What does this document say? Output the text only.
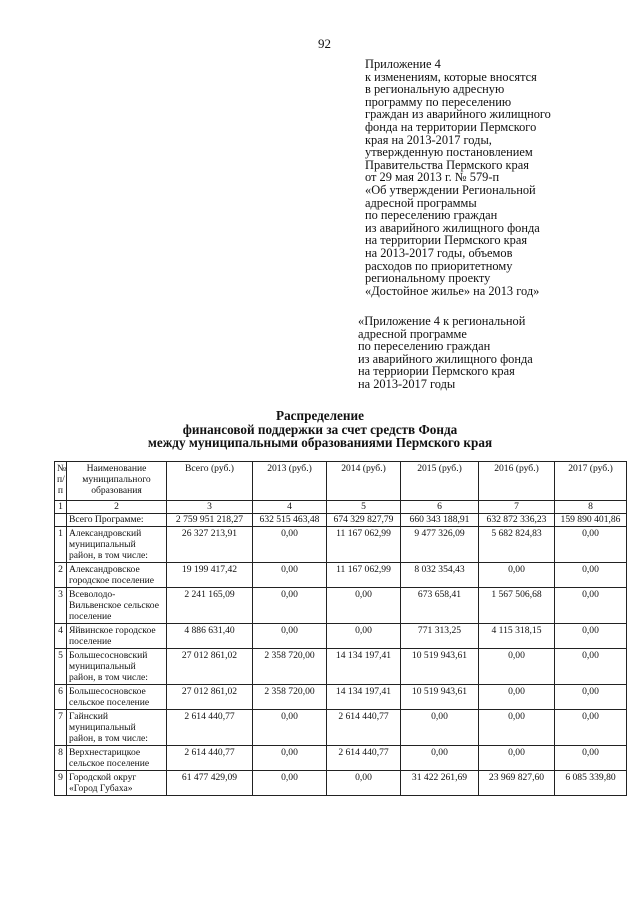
92
Приложение 4
к изменениям, которые вносятся
в региональную адресную
программу по переселению
граждан из аварийного жилищного
фонда на территории Пермского
края на 2013-2017 годы,
утвержденную постановлением
Правительства Пермского края
от 29 мая 2013 г. № 579-п
«Об утверждении Региональной
адресной программы
по переселению граждан
из аварийного жилищного фонда
на территории Пермского края
на 2013-2017 годы, объемов
расходов по приоритетному
региональному проекту
«Достойное жилье» на 2013 год»
«Приложение 4 к региональной
адресной программе
по переселению граждан
из аварийного жилищного фонда
на терриории Пермского края
на 2013-2017 годы
Распределение
финансовой поддержки за счет средств Фонда
между муниципальными образованиями Пермского края
№ п/п	Наименование муниципального образования	Всего (руб.)	2013 (руб.)	2014 (руб.)	2015 (руб.)	2016 (руб.)	2017 (руб.)
1	2	3	4	5	6	7	8
	Всего Программе:	2 759 951 218,27	632 515 463,48	674 329 827,79	660 343 188,91	632 872 336,23	159 890 401,86
1	Александровский муниципальный район, в том числе:	26 327 213,91	0,00	11 167 062,99	9 477 326,09	5 682 824,83	0,00
2	Александровское городское поселение	19 199 417,42	0,00	11 167 062,99	8 032 354,43	0,00	0,00
3	Всеволодо-Вильвенское сельское поселение	2 241 165,09	0,00	0,00	673 658,41	1 567 506,68	0,00
4	Яйвинское городское поселение	4 886 631,40	0,00	0,00	771 313,25	4 115 318,15	0,00
5	Большесосновский муниципальный район, в том числе:	27 012 861,02	2 358 720,00	14 134 197,41	10 519 943,61	0,00	0,00
6	Большесосновское сельское поселение	27 012 861,02	2 358 720,00	14 134 197,41	10 519 943,61	0,00	0,00
7	Гайнский муниципальный район, в том числе:	2 614 440,77	0,00	2 614 440,77	0,00	0,00	0,00
8	Верхнестарицкое сельское поселение	2 614 440,77	0,00	2 614 440,77	0,00	0,00	0,00
9	Городской округ «Город Губаха»	61 477 429,09	0,00	0,00	31 422 261,69	23 969 827,60	6 085 339,80
